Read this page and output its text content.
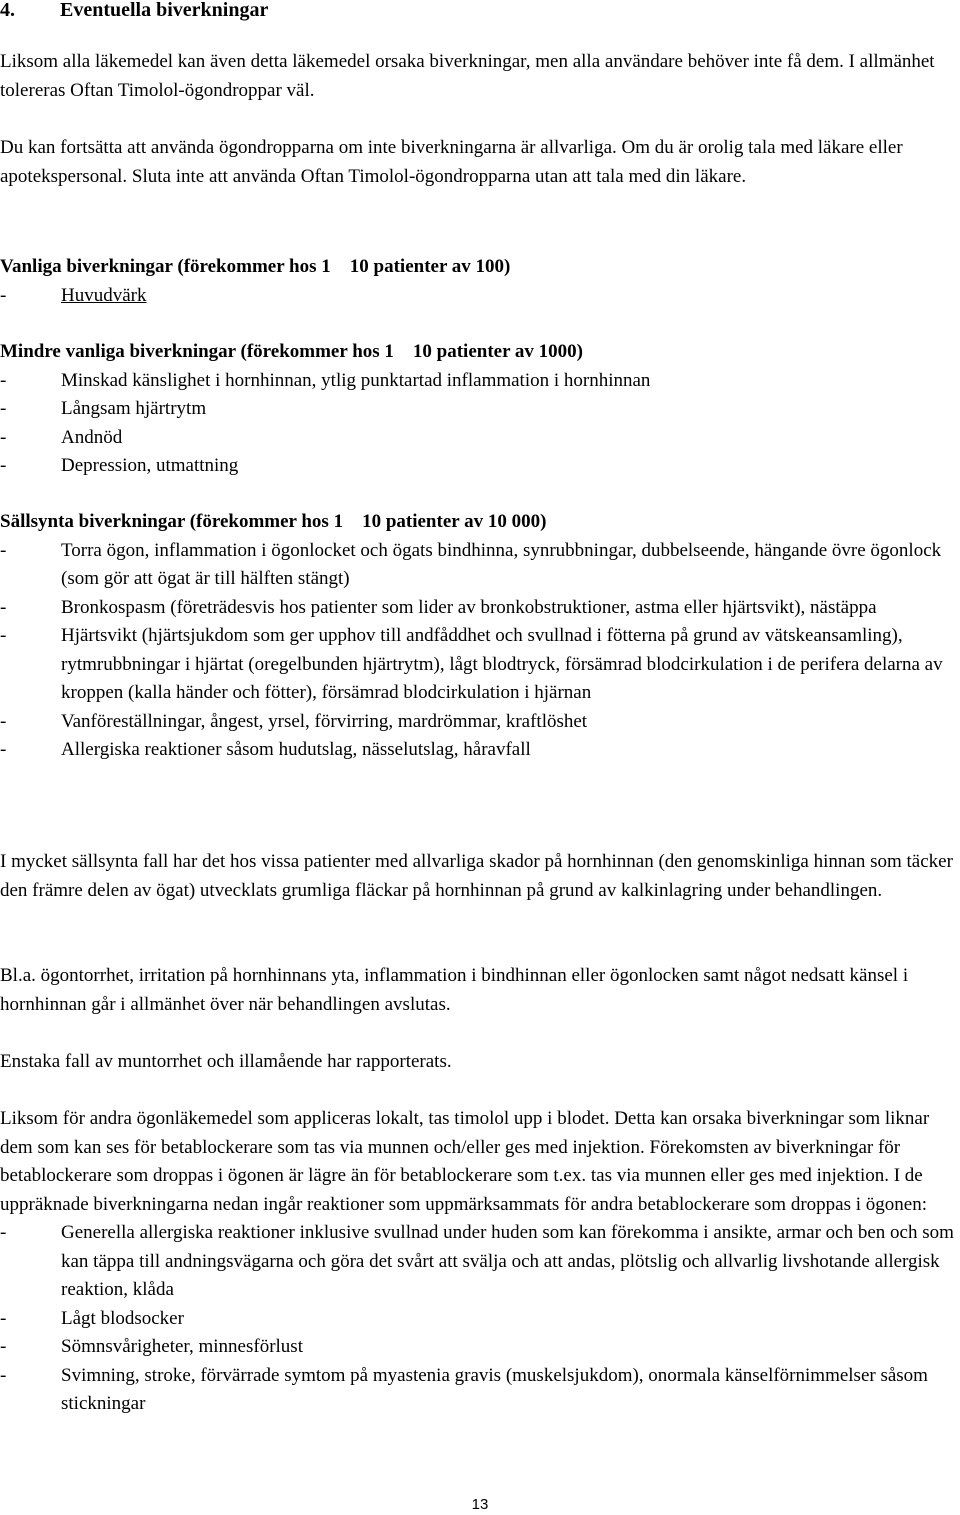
4. Eventuella biverkningar

Liksom alla läkemedel kan även detta läkemedel orsaka biverkningar, men alla användare behöver inte få dem. I allmänhet tolereras Oftan Timolol-ögondroppar väl.

Du kan fortsätta att använda ögondropparna om inte biverkningarna är allvarliga. Om du är orolig tala med läkare eller apotekspersonal. Sluta inte att använda Oftan Timolol-ögondropparna utan att tala med din läkare.

Vanliga biverkningar (förekommer hos 1 10 patienter av 100)
-	Huvudvärk
Mindre vanliga biverkningar (förekommer hos 1 10 patienter av 1000)
-	Minskad känslighet i hornhinnan, ytlig punktartad inflammation i hornhinnan
-	Långsam hjärtrytm
-	Andnöd
-	Depression, utmattning
Sällsynta biverkningar (förekommer hos 1 10 patienter av 10 000)
-	Torra ögon, inflammation i ögonlocket och ögats bindhinna, synrubbningar, dubbelseende, hängande övre ögonlock (som gör att ögat är till hälften stängt)
-	Bronkospasm (företrädesvis hos patienter som lider av bronkobstruktioner, astma eller hjärtsvikt), nästäppa
-	Hjärtsvikt (hjärtsjukdom som ger upphov till andfåddhet och svullnad i fötterna på grund av vätskeansamling), rytmrubbningar i hjärtat (oregelbunden hjärtrytm), lågt blodtryck, försämrad blodcirkulation i de perifera delarna av kroppen (kalla händer och fötter), försämrad blodcirkulation i hjärnan
-	Vanföreställningar, ångest, yrsel, förvirring, mardrömmar, kraftlöshet
-	Allergiska reaktioner såsom hudutslag, nässelutslag, håravfall

I mycket sällsynta fall har det hos vissa patienter med allvarliga skador på hornhinnan (den genomskinliga hinnan som täcker den främre delen av ögat) utvecklats grumliga fläckar på hornhinnan på grund av kalkinlagring under behandlingen.

Bl.a. ögontorrhet, irritation på hornhinnans yta, inflammation i bindhinnan eller ögonlocken samt något nedsatt känsel i hornhinnan går i allmänhet över när behandlingen avslutas.

Enstaka fall av muntorrhet och illamående har rapporterats.

Liksom för andra ögonläkemedel som appliceras lokalt, tas timolol upp i blodet. Detta kan orsaka biverkningar som liknar dem som kan ses för betablockerare som tas via munnen och/eller ges med injektion. Förekomsten av biverkningar för betablockerare som droppas i ögonen är lägre än för betablockerare som t.ex. tas via munnen eller ges med injektion. I de uppräknade biverkningarna nedan ingår reaktioner som uppmärksammats för andra betablockerare som droppas i ögonen:

-	Generella allergiska reaktioner inklusive svullnad under huden som kan förekomma i ansikte, armar och ben och som kan täppa till andningsvägarna och göra det svårt att svälja och att andas, plötslig och allvarlig livshotande allergisk reaktion, klåda
-	Lågt blodsocker
-	Sömnsvårigheter, minnesförlust
-	Svimning, stroke, förvärrade symtom på myastenia gravis (muskelsjukdom), onormala känselförnimmelser såsom stickningar
13
